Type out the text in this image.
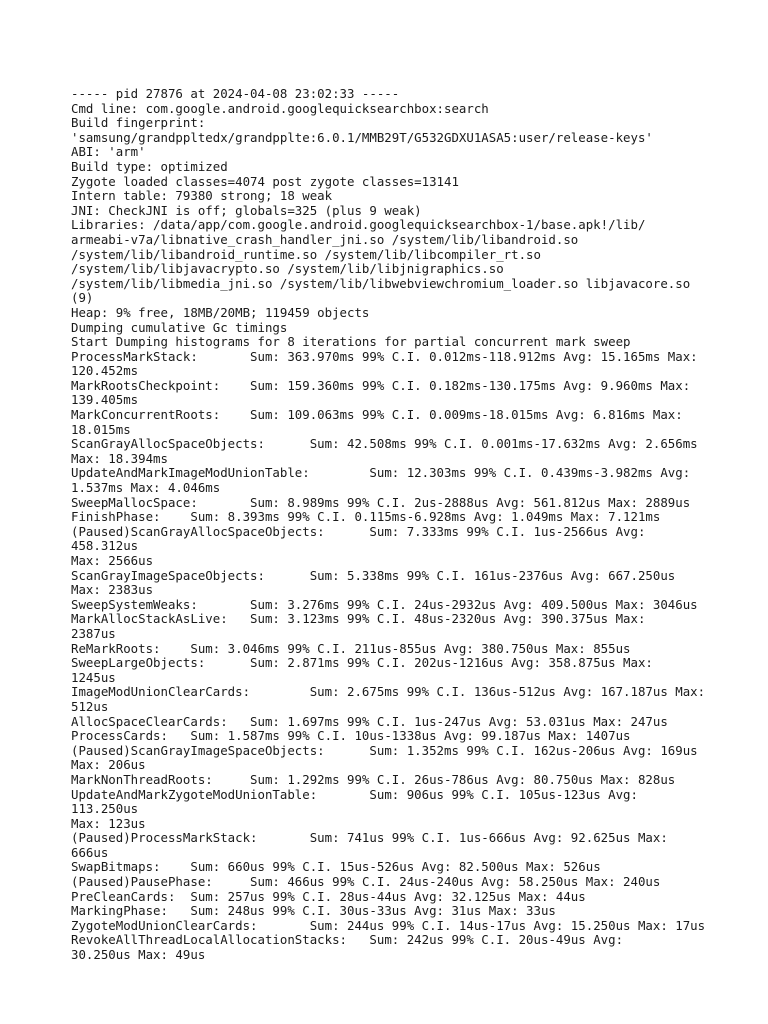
----- pid 27876 at 2024-04-08 23:02:33 -----
Cmd line: com.google.android.googlequicksearchbox:search
Build fingerprint:
'samsung/grandppltedx/grandpplte:6.0.1/MMB29T/G532GDXU1ASA5:user/release-keys'
ABI: 'arm'
Build type: optimized
Zygote loaded classes=4074 post zygote classes=13141
Intern table: 79380 strong; 18 weak
JNI: CheckJNI is off; globals=325 (plus 9 weak)
Libraries: /data/app/com.google.android.googlequicksearchbox-1/base.apk!/lib/
armeabi-v7a/libnative_crash_handler_jni.so /system/lib/libandroid.so
/system/lib/libandroid_runtime.so /system/lib/libcompiler_rt.so
/system/lib/libjavacrypto.so /system/lib/libjnigraphics.so
/system/lib/libmedia_jni.so /system/lib/libwebviewchromium_loader.so libjavacore.so
(9)
Heap: 9% free, 18MB/20MB; 119459 objects
Dumping cumulative Gc timings
Start Dumping histograms for 8 iterations for partial concurrent mark sweep
ProcessMarkStack:	Sum: 363.970ms 99% C.I. 0.012ms-118.912ms Avg: 15.165ms Max:
120.452ms
MarkRootsCheckpoint:	Sum: 159.360ms 99% C.I. 0.182ms-130.175ms Avg: 9.960ms Max:
139.405ms
MarkConcurrentRoots:	Sum: 109.063ms 99% C.I. 0.009ms-18.015ms Avg: 6.816ms Max:
18.015ms
ScanGrayAllocSpaceObjects:	Sum: 42.508ms 99% C.I. 0.001ms-17.632ms Avg: 2.656ms
Max: 18.394ms
UpdateAndMarkImageModUnionTable:	Sum: 12.303ms 99% C.I. 0.439ms-3.982ms Avg:
1.537ms Max: 4.046ms
SweepMallocSpace:	Sum: 8.989ms 99% C.I. 2us-2888us Avg: 561.812us Max: 2889us
FinishPhase:	Sum: 8.393ms 99% C.I. 0.115ms-6.928ms Avg: 1.049ms Max: 7.121ms
(Paused)ScanGrayAllocSpaceObjects:	Sum: 7.333ms 99% C.I. 1us-2566us Avg: 458.312us
Max: 2566us
ScanGrayImageSpaceObjects:	Sum: 5.338ms 99% C.I. 161us-2376us Avg: 667.250us
Max: 2383us
SweepSystemWeaks:	Sum: 3.276ms 99% C.I. 24us-2932us Avg: 409.500us Max: 3046us
MarkAllocStackAsLive:	Sum: 3.123ms 99% C.I. 48us-2320us Avg: 390.375us Max:
2387us
ReMarkRoots:	Sum: 3.046ms 99% C.I. 211us-855us Avg: 380.750us Max: 855us
SweepLargeObjects:	Sum: 2.871ms 99% C.I. 202us-1216us Avg: 358.875us Max:
1245us
ImageModUnionClearCards:	Sum: 2.675ms 99% C.I. 136us-512us Avg: 167.187us Max:
512us
AllocSpaceClearCards:	Sum: 1.697ms 99% C.I. 1us-247us Avg: 53.031us Max: 247us
ProcessCards:	Sum: 1.587ms 99% C.I. 10us-1338us Avg: 99.187us Max: 1407us
(Paused)ScanGrayImageSpaceObjects:	Sum: 1.352ms 99% C.I. 162us-206us Avg: 169us
Max: 206us
MarkNonThreadRoots:	Sum: 1.292ms 99% C.I. 26us-786us Avg: 80.750us Max: 828us
UpdateAndMarkZygoteModUnionTable:	Sum: 906us 99% C.I. 105us-123us Avg: 113.250us
Max: 123us
(Paused)ProcessMarkStack:	Sum: 741us 99% C.I. 1us-666us Avg: 92.625us Max:
666us
SwapBitmaps:	Sum: 660us 99% C.I. 15us-526us Avg: 82.500us Max: 526us
(Paused)PausePhase:	Sum: 466us 99% C.I. 24us-240us Avg: 58.250us Max: 240us
PreCleanCards:	Sum: 257us 99% C.I. 28us-44us Avg: 32.125us Max: 44us
MarkingPhase:	Sum: 248us 99% C.I. 30us-33us Avg: 31us Max: 33us
ZygoteModUnionClearCards:	Sum: 244us 99% C.I. 14us-17us Avg: 15.250us Max: 17us
RevokeAllThreadLocalAllocationStacks:	Sum: 242us 99% C.I. 20us-49us Avg:
30.250us Max: 49us
